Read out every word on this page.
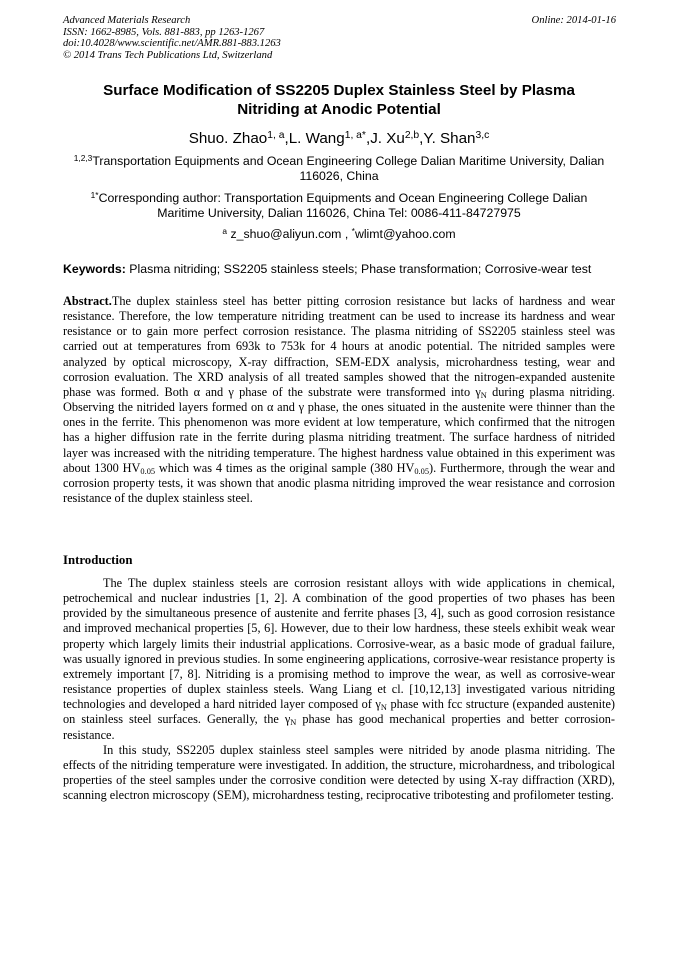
Advanced Materials Research
ISSN: 1662-8985, Vols. 881-883, pp 1263-1267
doi:10.4028/www.scientific.net/AMR.881-883.1263
© 2014 Trans Tech Publications Ltd, Switzerland
Online: 2014-01-16
Surface Modification of SS2205 Duplex Stainless Steel by Plasma Nitriding at Anodic Potential
Shuo. Zhao$^{1, a}$,L. Wang$^{1, a*}$,J. Xu$^{2,b}$,Y. Shan$^{3,c}$
$^{1,2,3}$Transportation Equipments and Ocean Engineering College Dalian Maritime University, Dalian
116026, China
$^{1*}$Corresponding author: Transportation Equipments and Ocean Engineering College Dalian
Maritime University, Dalian 116026, China Tel: 0086-411-84727975
$^a$ z_shuo@aliyun.com , *wlimt@yahoo.com
Keywords: Plasma nitriding; SS2205 stainless steels; Phase transformation; Corrosive-wear test
Abstract.The duplex stainless steel has better pitting corrosion resistance but lacks of hardness and wear resistance. Therefore, the low temperature nitriding treatment can be used to increase its hardness and wear resistance or to gain more perfect corrosion resistance. The plasma nitriding of SS2205 stainless steel was carried out at temperatures from 693k to 753k for 4 hours at anodic potential. The nitrided samples were analyzed by optical microscopy, X-ray diffraction, SEM-EDX analysis, microhardness testing, wear and corrosion evaluation. The XRD analysis of all treated samples showed that the nitrogen-expanded austenite phase was formed. Both α and γ phase of the substrate were transformed into $\gamma_N$ during plasma nitriding. Observing the nitrided layers formed on α and γ phase, the ones situated in the austenite were thinner than the ones in the ferrite. This phenomenon was more evident at low temperature, which confirmed that the nitrogen has a higher diffusion rate in the ferrite during plasma nitriding treatment. The surface hardness of nitrided layer was increased with the nitriding temperature. The highest hardness value obtained in this experiment was about 1300 $HV_{0.05}$ which was 4 times as the original sample (380 $HV_{0.05}$). Furthermore, through the wear and corrosion property tests, it was shown that anodic plasma nitriding improved the wear resistance and corrosion resistance of the duplex stainless steel.
Introduction

The The duplex stainless steels are corrosion resistant alloys with wide applications in chemical, petrochemical and nuclear industries [1, 2]. A combination of the good properties of two phases has been provided by the simultaneous presence of austenite and ferrite phases [3, 4], such as good corrosion resistance and improved mechanical properties [5, 6]. However, due to their low hardness, these steels exhibit weak wear property which largely limits their industrial applications. Corrosive-wear, as a basic mode of gradual failure, was usually ignored in previous studies. In some engineering applications, corrosive-wear resistance property is extremely important [7, 8]. Nitriding is a promising method to improve the wear, as well as corrosive-wear resistance properties of duplex stainless steels. Wang Liang et cl. [10,12,13] investigated various nitriding technologies and developed a hard nitrided layer composed of $\gamma_N$ phase with fcc structure (expanded austenite) on stainless steel surfaces. Generally, the $\gamma_N$ phase has good mechanical properties and better corrosion-resistance.

In this study, SS2205 duplex stainless steel samples were nitrided by anode plasma nitriding. The effects of the nitriding temperature were investigated. In addition, the structure, microhardness, and tribological properties of the steel samples under the corrosive condition were detected by using X-ray diffraction (XRD), scanning electron microscopy (SEM), microhardness testing, reciprocative tribotesting and profilometer testing.
